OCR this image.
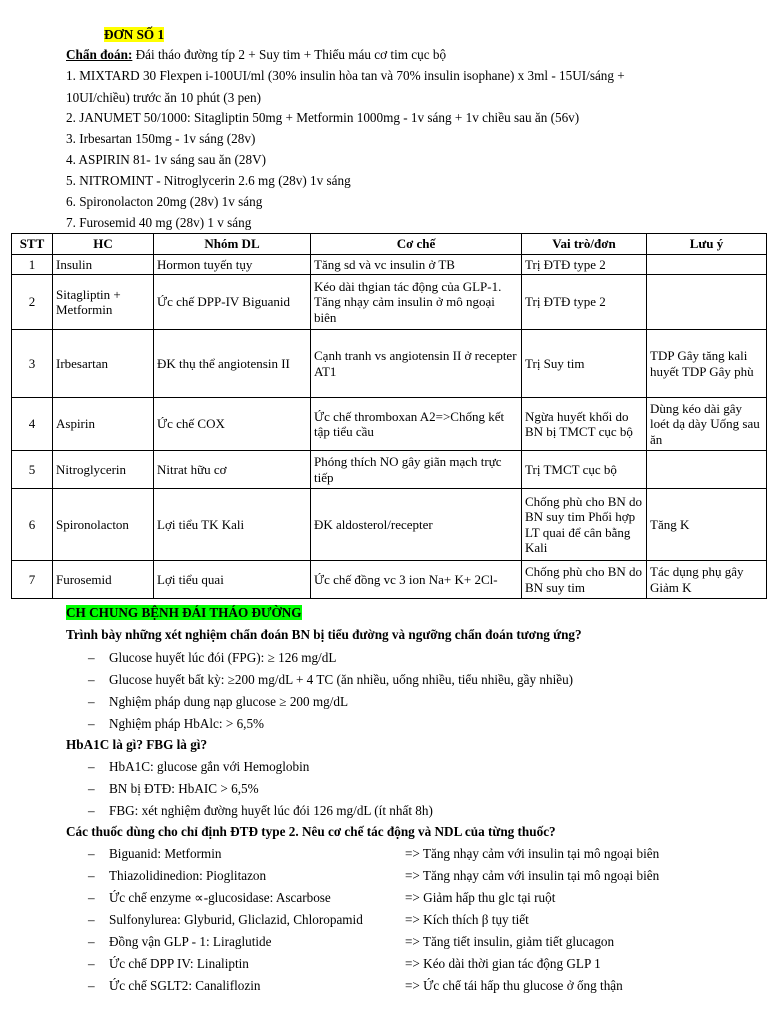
ĐƠN SỐ 1
Chẩn đoán: Đái tháo đường típ 2 + Suy tim + Thiếu máu cơ tim cục bộ
1. MIXTARD 30 Flexpen i-100UI/ml (30% insulin hòa tan và 70% insulin isophane) x 3ml - 15UI/sáng +
10UI/chiều) trước ăn 10 phút (3 pen)
2. JANUMET 50/1000: Sitagliptin 50mg + Metformin 1000mg - 1v sáng + 1v chiều sau ăn (56v)
3. Irbesartan 150mg - 1v sáng (28v)
4. ASPIRIN 81- 1v sáng sau ăn (28V)
5. NITROMINT - Nitroglycerin 2.6 mg (28v) 1v sáng
6. Spironolacton 20mg (28v) 1v sáng
7. Furosemid 40 mg (28v) 1 v sáng
STT	HC	Nhóm DL	Cơ chế	Vai trò/đơn	Lưu ý
1	Insulin	Hormon tuyến tụy	Tăng sd và vc insulin ở TB	Trị ĐTĐ type 2	
2	Sitagliptin + Metformin	Ức chế DPP-IV Biguanid	Kéo dài thgian tác động của GLP-1. Tăng nhạy cảm insulin ở mô ngoại biên	Trị ĐTĐ type 2	
3	Irbesartan	ĐK thụ thể angiotensin II	Cạnh tranh vs angiotensin II ở recepter AT1	Trị Suy tim	TDP Gây tăng kali huyết TDP Gây phù
4	Aspirin	Ức chế COX	Ức chế thromboxan A2=>Chống kết tập tiểu cầu	Ngừa huyết khối do BN bị TMCT cục bộ	Dùng kéo dài gây loét dạ dày Uống sau ăn
5	Nitroglycerin	Nitrat hữu cơ	Phóng thích NO gây giãn mạch trực tiếp	Trị TMCT cục bộ	
6	Spironolacton	Lợi tiểu TK Kali	ĐK aldosterol/recepter	Chống phù cho BN do BN suy tim Phối hợp LT quai để cân bằng Kali	Tăng K
7	Furosemid	Lợi tiểu quai	Ức chế đồng vc 3 ion Na+ K+ 2Cl-	Chống phù cho BN do BN suy tim	Tác dụng phụ gây Giảm K
CH CHUNG BỆNH ĐÁI THÁO ĐƯỜNG
Trình bày những xét nghiệm chẩn đoán BN bị tiểu đường và ngưỡng chẩn đoán tương ứng?
– Glucose huyết lúc đói (FPG): ≥ 126 mg/dL
– Glucose huyết bất kỳ: ≥200 mg/dL + 4 TC (ăn nhiều, uống nhiều, tiểu nhiều, gầy nhiều)
– Nghiệm pháp dung nạp glucose ≥ 200 mg/dL
– Nghiệm pháp HbAlc: > 6,5%
HbA1C là gì? FBG là gì?
– HbA1C: glucose gắn với Hemoglobin
– BN bị ĐTĐ: HbAIC > 6,5%
– FBG: xét nghiệm đường huyết lúc đói 126 mg/dL (ít nhất 8h)
Các thuốc dùng cho chỉ định ĐTĐ type 2. Nêu cơ chế tác động và NDL của từng thuốc?
– Biguanid: Metformin	=> Tăng nhạy cảm với insulin tại mô ngoại biên
– Thiazolidinedion: Pioglitazon	=> Tăng nhạy cảm với insulin tại mô ngoại biên
– Ức chế enzyme ∝-glucosidase: Ascarbose	=> Giảm hấp thu glc tại ruột
– Sulfonylurea: Glyburid, Gliclazid, Chloropamid	=> Kích thích β tụy tiết
– Đồng vận GLP - 1: Liraglutide	=> Tăng tiết insulin, giảm tiết glucagon
– Ức chế DPP IV: Linaliptin	=> Kéo dài thời gian tác động GLP 1
– Ức chế SGLT2: Canaliflozin	=> Ức chế tái hấp thu glucose ở ống thận
